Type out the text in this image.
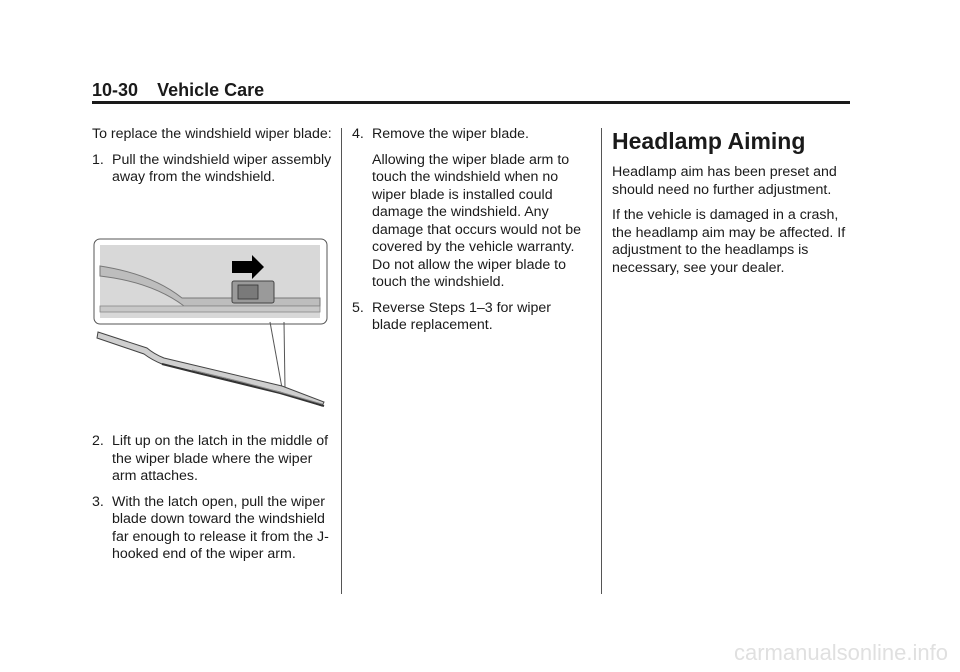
10-30 Vehicle Care

To replace the windshield wiper blade:

1. Pull the windshield wiper assembly away from the windshield.
2. Lift up on the latch in the middle of the wiper blade where the wiper arm attaches.
3. With the latch open, pull the wiper blade down toward the windshield far enough to release it from the J-hooked end of the wiper arm.
4. Remove the wiper blade.

Allowing the wiper blade arm to touch the windshield when no wiper blade is installed could damage the windshield. Any damage that occurs would not be covered by the vehicle warranty. Do not allow the wiper blade to touch the windshield.

5. Reverse Steps 1–3 for wiper blade replacement.
Headlamp Aiming

Headlamp aim has been preset and should need no further adjustment.

If the vehicle is damaged in a crash, the headlamp aim may be affected. If adjustment to the headlamps is necessary, see your dealer.

carmanualsonline.info
